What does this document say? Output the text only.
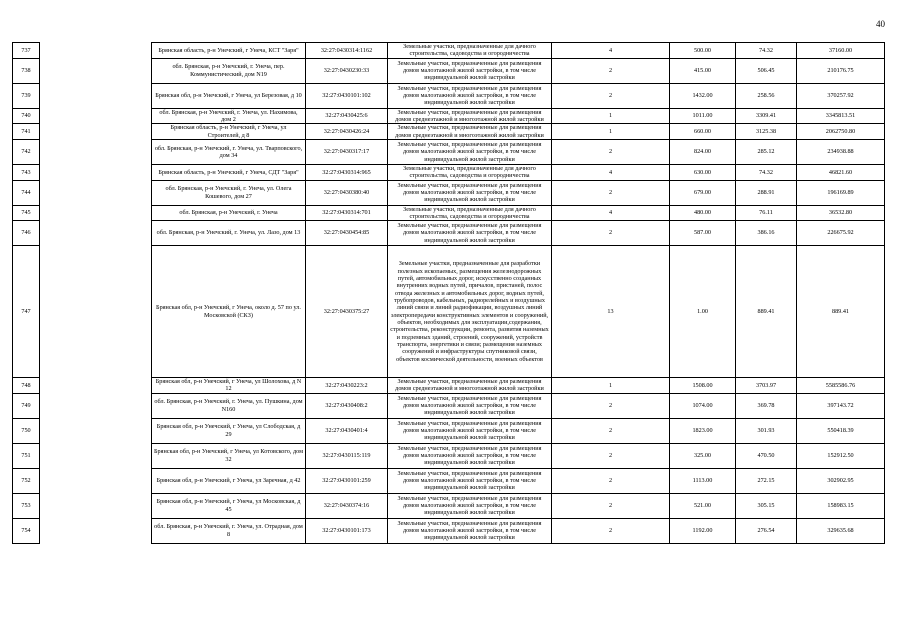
40
737		Брянская область, р-н Унечский, г Унеча, КСТ "Заря"	32:27:0430314:1162	Земельные участки, предназначенные для дачного строительства, садоводства и огородничества	4	500.00	74.32	37160.00
738		обл. Брянская, р-н Унечский, г. Унеча, пер. Коммунистический, дом N19	32:27:0430230:33	Земельные участки, предназначенные для размещения домов малоэтажной жилой застройки, в том числе индивидуальной жилой застройки	2	415.00	506.45	210176.75
739		Брянская обл, р-н Унечский, г Унеча, ул Березовая, д 10	32:27:0430101:102	Земельные участки, предназначенные для размещения домов малоэтажной жилой застройки, в том числе индивидуальной жилой застройки	2	1432.00	258.56	370257.92
740		обл. Брянская, р-н Унечский, г. Унеча, ул. Нахимова, дом 2	32:27:0430425:6	Земельные участки, предназначенные для размещения домов среднеэтажной и многоэтажной жилой застройки	1	1011.00	3309.41	3345813.51
741		Брянская область, р-н Унечский, г Унеча, ул Строителей, д 8	32:27:0430426:24	Земельные участки, предназначенные для размещения домов среднеэтажной и многоэтажной жилой застройки	1	660.00	3125.38	2062750.80
742		обл. Брянская, р-н Унечский, г. Унеча, ул. Тварповского, дом 34	32:27:0430317:17	Земельные участки, предназначенные для размещения домов малоэтажной жилой застройки, в том числе индивидуальной жилой застройки	2	824.00	285.12	234938.88
743		Брянская область, р-н Унечский, г Унеча, СДТ "Заря"	32:27:0430314:965	Земельные участки, предназначенные для дачного строительства, садоводства и огородничества	4	630.00	74.32	46821.60
744		обл. Брянская, р-н Унечский, г. Унеча, ул. Олега Кошевого, дом 27	32:27:0430380:40	Земельные участки, предназначенные для размещения домов малоэтажной жилой застройки, в том числе индивидуальной жилой застройки	2	679.00	288.91	196169.89
745		обл. Брянская, р-н Унечский, г. Унеча	32:27:0430314:701	Земельные участки, предназначенные для дачного строительства, садоводства и огородничества	4	480.00	76.11	36532.80
746		обл. Брянская, р-н Унечский, г. Унеча, ул. Лазо, дом 13	32:27:0430454:85	Земельные участки, предназначенные для размещения домов малоэтажной жилой застройки, в том числе индивидуальной жилой застройки	2	587.00	386.16	226675.92
747		Брянская обл, р-н Унечский, г Унеча, около д. 57 по ул. Московской (СКЗ)	32:27:0430375:27	Земельные участки, предназначенные для разработки полезных ископаемых, размещения железнодорожных путей, автомобильных дорог, искусственно созданных внутренних водных путей, причалов, пристаней, полос отвода железных и автомобильных дорог, водных путей, трубопроводов, кабельных, радиорелейных и воздушных линий связи и линий радиофикации, воздушных линий электропередачи конструктивных элементов и сооружений, объектов, необходимых для эксплуатации,содержания, строительства, реконструкции, ремонта, развития наземных и подземных зданий, строений, сооружений, устройств транспорта, энергетики и связи; размещения наземных сооружений и инфраструктуры спутниковой связи, объектов космической деятельности, военных объектов	13	1.00	889.41	889.41
748		Брянская обл, р-н Унечский, г Унеча, ул Шолохова, д N 12	32:27:0430223:2	Земельные участки, предназначенные для размещения домов среднеэтажной и многоэтажной жилой застройки	1	1508.00	3703.97	5585586.76
749		обл. Брянская, р-н Унечский, г. Унеча, ул. Пушкина, дом N160	32:27:0430408:2	Земельные участки, предназначенные для размещения домов малоэтажной жилой застройки, в том числе индивидуальной жилой застройки	2	1074.00	369.78	397143.72
750		Брянская обл, р-н Унечский, г Унеча, ул Слободская, д 29	32:27:0430401:4	Земельные участки, предназначенные для размещения домов малоэтажной жилой застройки, в том числе индивидуальной жилой застройки	2	1823.00	301.93	550418.39
751		Брянская обл, р-н Унечский, г Унеча, ул Котовского, дом 32	32:27:0430115:119	Земельные участки, предназначенные для размещения домов малоэтажной жилой застройки, в том числе индивидуальной жилой застройки	2	325.00	470.50	152912.50
752		Брянская обл, р-н Унечский, г Унеча, ул Заречная, д 42	32:27:0430101:259	Земельные участки, предназначенные для размещения домов малоэтажной жилой застройки, в том числе индивидуальной жилой застройки	2	1113.00	272.15	302902.95
753		Брянская обл, р-н Унечский, г Унеча, ул Московская, д 45	32:27:0430374:16	Земельные участки, предназначенные для размещения домов малоэтажной жилой застройки, в том числе индивидуальной жилой застройки	2	521.00	305.15	158983.15
754		обл. Брянская, р-н Унечский, г. Унеча, ул. Отрадная, дом 8	32:27:0430101:173	Земельные участки, предназначенные для размещения домов малоэтажной жилой застройки, в том числе индивидуальной жилой застройки	2	1192.00	276.54	329635.68
